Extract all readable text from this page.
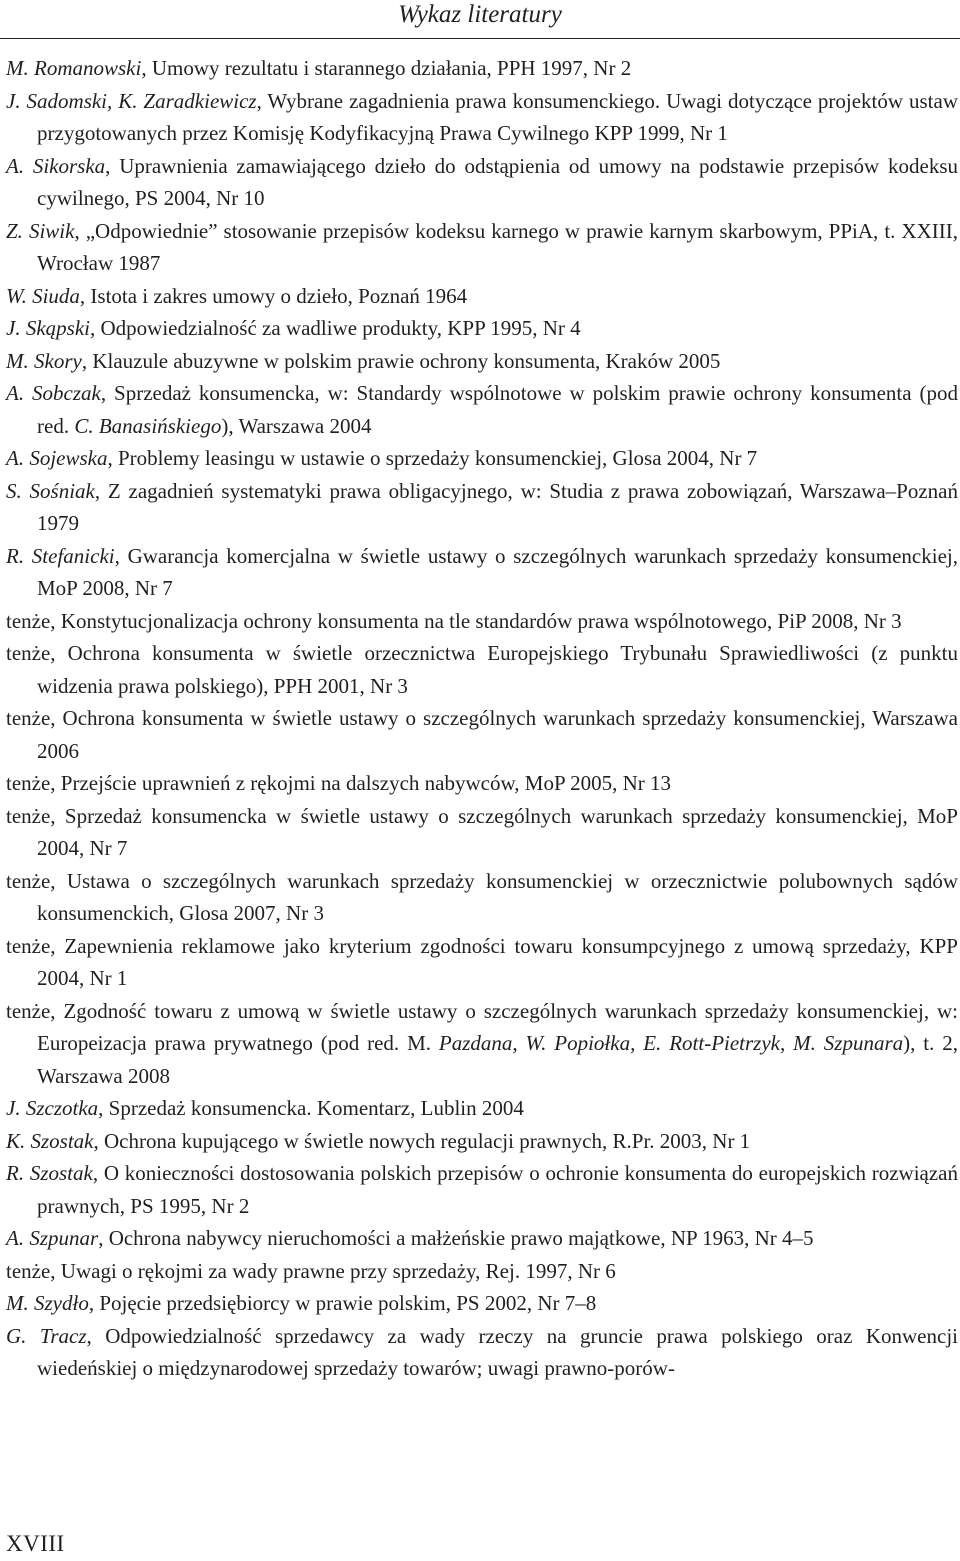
Wykaz literatury
M. Romanowski, Umowy rezultatu i starannego działania, PPH 1997, Nr 2
J. Sadomski, K. Zaradkiewicz, Wybrane zagadnienia prawa konsumenckiego. Uwagi dotyczące projektów ustaw przygotowanych przez Komisję Kodyfikacyjną Prawa Cywilnego KPP 1999, Nr 1
A. Sikorska, Uprawnienia zamawiającego dzieło do odstąpienia od umowy na podstawie przepisów kodeksu cywilnego, PS 2004, Nr 10
Z. Siwik, „Odpowiednie” stosowanie przepisów kodeksu karnego w prawie karnym skarbowym, PPiA, t. XXIII, Wrocław 1987
W. Siuda, Istota i zakres umowy o dzieło, Poznań 1964
J. Skąpski, Odpowiedzialność za wadliwe produkty, KPP 1995, Nr 4
M. Skory, Klauzule abuzywne w polskim prawie ochrony konsumenta, Kraków 2005
A. Sobczak, Sprzedaż konsumencka, w: Standardy wspólnotowe w polskim prawie ochrony konsumenta (pod red. C. Banasińskiego), Warszawa 2004
A. Sojewska, Problemy leasingu w ustawie o sprzedaży konsumenckiej, Glosa 2004, Nr 7
S. Sośniak, Z zagadnień systematyki prawa obligacyjnego, w: Studia z prawa zobowiązań, Warszawa–Poznań 1979
R. Stefanicki, Gwarancja komercjalna w świetle ustawy o szczególnych warunkach sprzedaży konsumenckiej, MoP 2008, Nr 7
tenże, Konstytucjonalizacja ochrony konsumenta na tle standardów prawa wspólnotowego, PiP 2008, Nr 3
tenże, Ochrona konsumenta w świetle orzecznictwa Europejskiego Trybunału Sprawiedliwości (z punktu widzenia prawa polskiego), PPH 2001, Nr 3
tenże, Ochrona konsumenta w świetle ustawy o szczególnych warunkach sprzedaży konsumenckiej, Warszawa 2006
tenże, Przejście uprawnień z rękojmi na dalszych nabywców, MoP 2005, Nr 13
tenże, Sprzedaż konsumencka w świetle ustawy o szczególnych warunkach sprzedaży konsumenckiej, MoP 2004, Nr 7
tenże, Ustawa o szczególnych warunkach sprzedaży konsumenckiej w orzecznictwie polubownych sądów konsumenckich, Glosa 2007, Nr 3
tenże, Zapewnienia reklamowe jako kryterium zgodności towaru konsumpcyjnego z umową sprzedaży, KPP 2004, Nr 1
tenże, Zgodność towaru z umową w świetle ustawy o szczególnych warunkach sprzedaży konsumenckiej, w: Europeizacja prawa prywatnego (pod red. M. Pazdana, W. Popiołka, E. Rott-Pietrzyk, M. Szpunara), t. 2, Warszawa 2008
J. Szczotka, Sprzedaż konsumencka. Komentarz, Lublin 2004
K. Szostak, Ochrona kupującego w świetle nowych regulacji prawnych, R.Pr. 2003, Nr 1
R. Szostak, O konieczności dostosowania polskich przepisów o ochronie konsumenta do europejskich rozwiązań prawnych, PS 1995, Nr 2
A. Szpunar, Ochrona nabywcy nieruchomości a małżeńskie prawo majątkowe, NP 1963, Nr 4–5
tenże, Uwagi o rękojmi za wady prawne przy sprzedaży, Rej. 1997, Nr 6
M. Szydło, Pojęcie przedsiębiorcy w prawie polskim, PS 2002, Nr 7–8
G. Tracz, Odpowiedzialność sprzedawcy za wady rzeczy na gruncie prawa polskiego oraz Konwencji wiedeńskiej o międzynarodowej sprzedaży towarów; uwagi prawno-porów-
XVIII
